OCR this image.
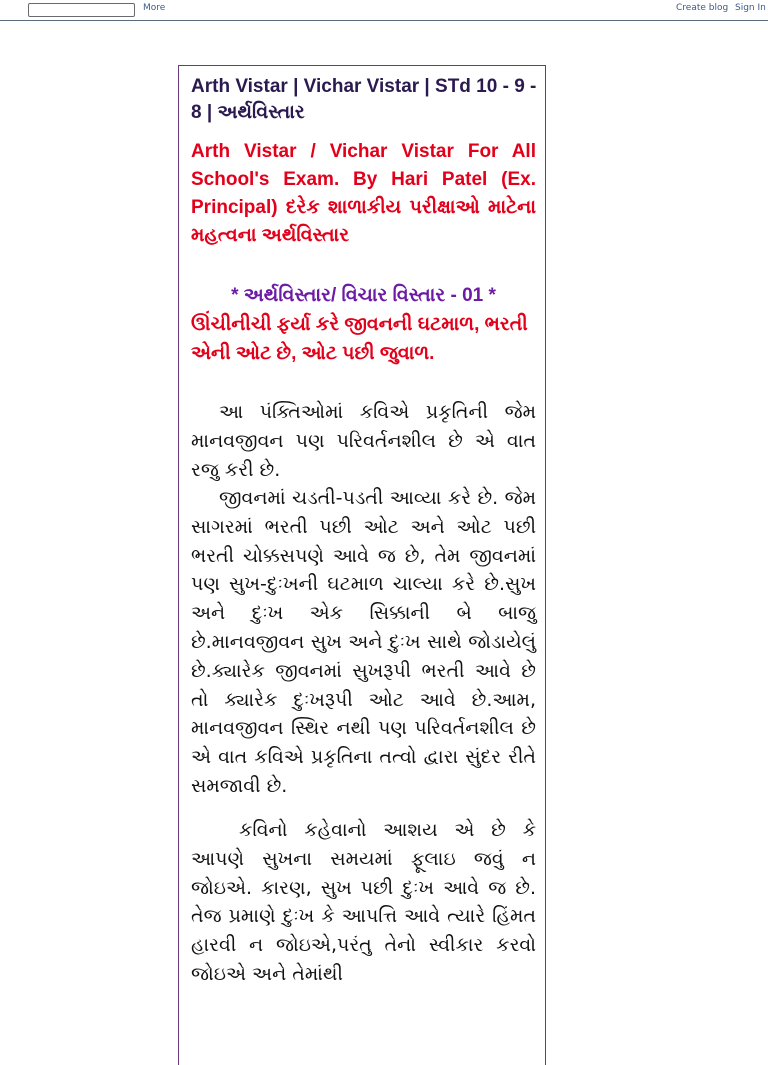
More	Create blog Sign In
Arth Vistar | Vichar Vistar | STd 10 - 9 - 8 | અર્થવિસ્તાર

Arth Vistar / Vichar Vistar For All School's Exam. By Hari Patel (Ex. Principal) દરેક શાળાકીય પરીક્ષાઓ માટેના મહત્વના અર્થવિસ્તાર

* અર્થવિસ્તાર/ વિચાર વિસ્તાર - 01 *

ઊંચીનીચી ફર્યા કરે જીવનની ઘટમાળ, ભરતી એની ઓટ છે, ઓટ પછી જુવાળ.

આ પંક્તિઓમાં કવિએ પ્રકૃતિની જેમ માનવજીવન પણ પરિવર્તનશીલ છે એ વાત રજુ કરી છે.

જીવનમાં ચડતી-પડતી આવ્યા કરે છે. જેમ સાગરમાં ભરતી પછી ઓટ અને ઓટ પછી ભરતી ચોક્કસપણે આવે જ છે, તેમ જીવનમાં પણ સુખ-દુઃખની ઘટમાળ ચાલ્યા કરે છે.સુખ અને દુઃખ એક સિક્કાની બે બાજુ છે.માનવજીવન સુખ અને દુઃખ સાથે જોડાયેલું છે.ક્યારેક જીવનમાં સુખરૂપી ભરતી આવે છે તો ક્યારેક દુઃખરૂપી ઓટ આવે છે.આમ, માનવજીવન સ્થિર નથી પણ પરિવર્તનશીલ છે એ વાત કવિએ પ્રકૃતિના તત્વો દ્વારા સુંદર રીતે સમજાવી છે.

કવિનો કહેવાનો આશય એ છે કે આપણે સુખના સમયમાં ફૂલાઇ જવું ન જોઇએ. કારણ, સુખ પછી દુઃખ આવે જ છે. તેજ પ્રમાણે દુઃખ કે આપત્તિ આવે ત્યારે હિંમત હારવી ન જોઇએ,પરંતુ તેનો સ્વીકાર કરવો જોઇએ અને તેમાંથી
